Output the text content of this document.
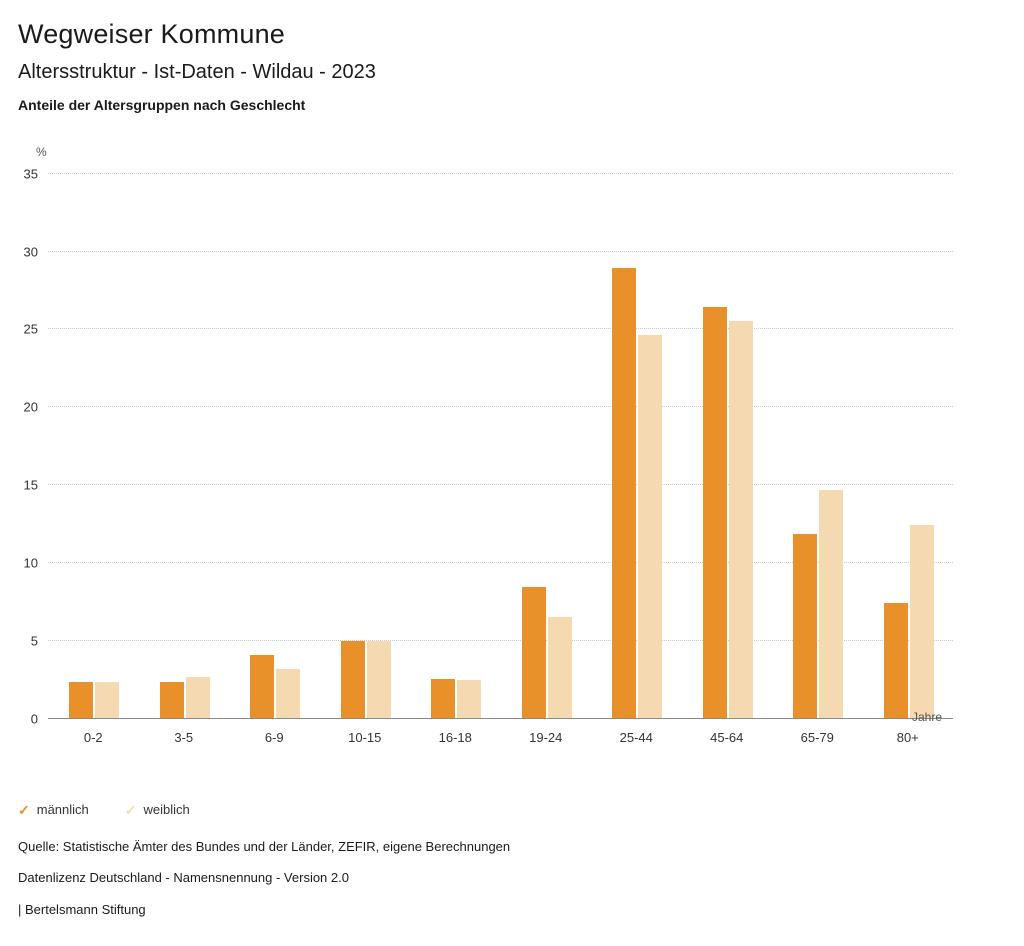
Wegweiser Kommune
Altersstruktur - Ist-Daten - Wildau - 2023
Anteile der Altersgruppen nach Geschlecht
%
0
5
10
15
20
25
30
35
0-2	3-5	6-9	10-15	16-18	19-24	25-44	45-64	65-79	80+
Jahre
✓ männlich	✓ weiblich
Quelle: Statistische Ämter des Bundes und der Länder, ZEFIR, eigene Berechnungen
Datenlizenz Deutschland - Namensnennung - Version 2.0
| Bertelsmann Stiftung
